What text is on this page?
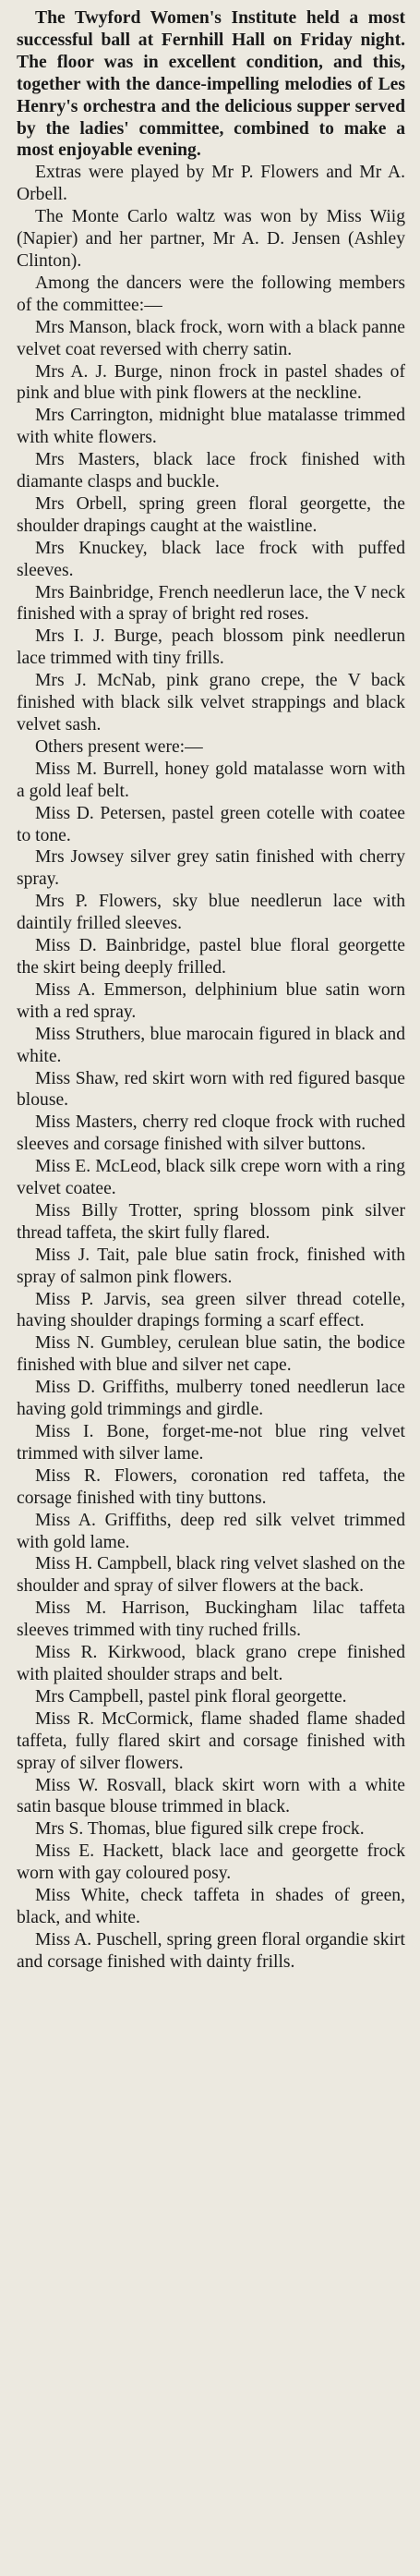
The Twyford Women's Institute held a most successful ball at Fernhill Hall on Friday night. The floor was in excellent condition, and this, together with the dance-impelling melodies of Les Henry's orchestra and the delicious supper served by the ladies' committee, combined to make a most enjoyable evening.

Extras were played by Mr P. Flowers and Mr A. Orbell.

The Monte Carlo waltz was won by Miss Wiig (Napier) and her partner, Mr A. D. Jensen (Ashley Clinton).

Among the dancers were the following members of the committee:—

Mrs Manson, black frock, worn with a black panne velvet coat reversed with cherry satin.

Mrs A. J. Burge, ninon frock in pastel shades of pink and blue with pink flowers at the neckline.

Mrs Carrington, midnight blue matalasse trimmed with white flowers.

Mrs Masters, black lace frock finished with diamante clasps and buckle.

Mrs Orbell, spring green floral georgette, the shoulder drapings caught at the waistline.

Mrs Knuckey, black lace frock with puffed sleeves.

Mrs Bainbridge, French needlerun lace, the V neck finished with a spray of bright red roses.

Mrs I. J. Burge, peach blossom pink needlerun lace trimmed with tiny frills.

Mrs J. McNab, pink grano crepe, the V back finished with black silk velvet strappings and black velvet sash.

Others present were:—

Miss M. Burrell, honey gold matalasse worn with a gold leaf belt.

Miss D. Petersen, pastel green cotelle with coatee to tone.

Mrs Jowsey silver grey satin finished with cherry spray.

Mrs P. Flowers, sky blue needlerun lace with daintily frilled sleeves.

Miss D. Bainbridge, pastel blue floral georgette the skirt being deeply frilled.

Miss A. Emmerson, delphinium blue satin worn with a red spray.

Miss Struthers, blue marocain figured in black and white.

Miss Shaw, red skirt worn with red figured basque blouse.

Miss Masters, cherry red cloque frock with ruched sleeves and corsage finished with silver buttons.

Miss E. McLeod, black silk crepe worn with a ring velvet coatee.

Miss Billy Trotter, spring blossom pink silver thread taffeta, the skirt fully flared.

Miss J. Tait, pale blue satin frock, finished with spray of salmon pink flowers.

Miss P. Jarvis, sea green silver thread cotelle, having shoulder drapings forming a scarf effect.

Miss N. Gumbley, cerulean blue satin, the bodice finished with blue and silver net cape.

Miss D. Griffiths, mulberry toned needlerun lace having gold trimmings and girdle.

Miss I. Bone, forget-me-not blue ring velvet trimmed with silver lame.

Miss R. Flowers, coronation red taffeta, the corsage finished with tiny buttons.

Miss A. Griffiths, deep red silk velvet trimmed with gold lame.

Miss H. Campbell, black ring velvet slashed on the shoulder and spray of silver flowers at the back.

Miss M. Harrison, Buckingham lilac taffeta sleeves trimmed with tiny ruched frills.

Miss R. Kirkwood, black grano crepe finished with plaited shoulder straps and belt.

Mrs Campbell, pastel pink floral georgette.

Miss R. McCormick, flame shaded flame shaded taffeta, fully flared skirt and corsage finished with spray of silver flowers.

Miss W. Rosvall, black skirt worn with a white satin basque blouse trimmed in black.

Mrs S. Thomas, blue figured silk crepe frock.

Miss E. Hackett, black lace and georgette frock worn with gay coloured posy.

Miss White, check taffeta in shades of green, black, and white.

Miss A. Puschell, spring green floral organdie skirt and corsage finished with dainty frills.
